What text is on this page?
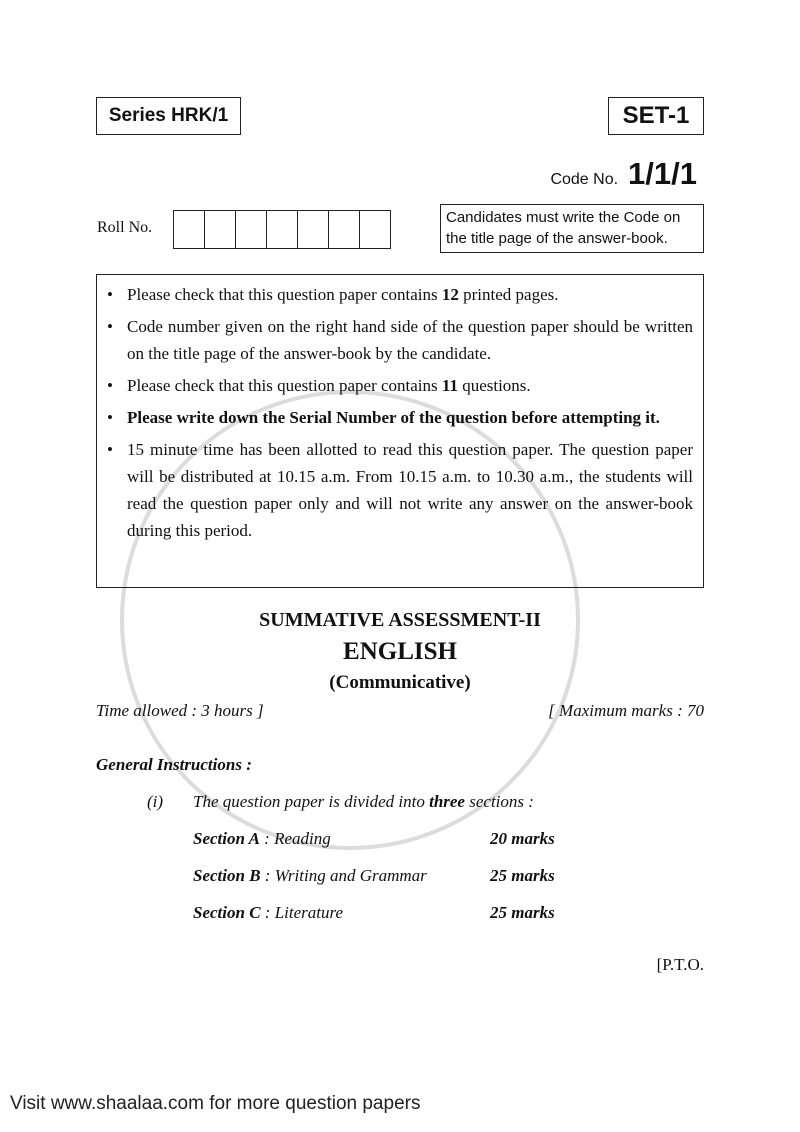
Series HRK/1	SET-1
Code No. 1/1/1
Roll No.
Candidates must write the Code on
the title page of the answer-book.
• Please check that this question paper contains 12 printed pages.
• Code number given on the right hand side of the question paper should be written on the title page of the answer-book by the candidate.
• Please check that this question paper contains 11 questions.
• Please write down the Serial Number of the question before attempting it.
• 15 minute time has been allotted to read this question paper. The question paper will be distributed at 10.15 a.m. From 10.15 a.m. to 10.30 a.m., the students will read the question paper only and will not write any answer on the answer-book during this period.
SUMMATIVE ASSESSMENT-II
ENGLISH
(Communicative)
Time allowed : 3 hours ]	[ Maximum marks : 70
General Instructions :
(i)	The question paper is divided into three sections :
Section A : Reading	20 marks
Section B : Writing and Grammar	25 marks
Section C : Literature	25 marks
[P.T.O.
Visit www.shaalaa.com for more question papers
